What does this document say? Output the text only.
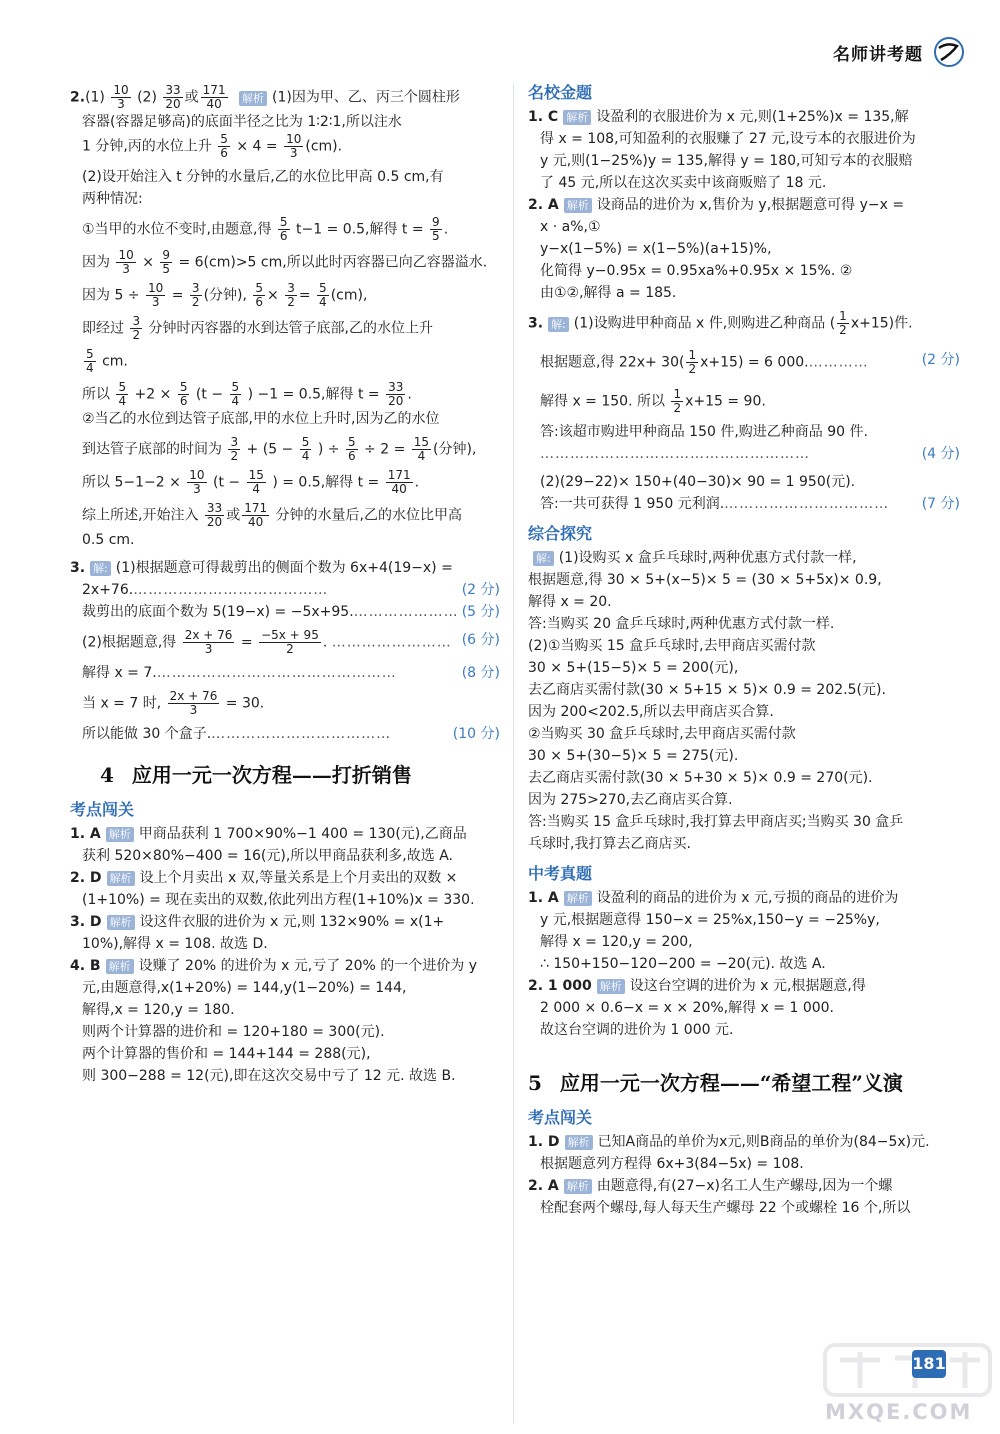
名师讲考题
$2.(1) \frac{10}{3} (2) \frac{33}{20}$ 或 $\frac{171}{40}$ 解析 (1)因为甲、乙、丙三个圆柱形
容器(容器足够高)的底面半径之比为 1∶2∶1,所以注水
1 分钟,丙的水位上升 $\frac{5}{6} \times 4 = \frac{10}{3} (cm)$.
(2)设开始注入 t 分钟的水量后,乙的水位比甲高 0.5 cm,有
两种情况:
①当甲的水位不变时,由题意,得 $\frac{5}{6} t-1 = 0.5$,解得 $t = \frac{9}{5}$ .
因为 $\frac{10}{3} \times \frac{9}{5} = 6(cm)>5$ cm,所以此时丙容器已向乙容器溢水.
因为 $5 \div \frac{10}{3} = \frac{3}{2}$ (分钟), $\frac{5}{6} \times \frac{3}{2} = \frac{5}{4} (cm)$,
即经过 $\frac{3}{2}$ 分钟时丙容器的水到达管子底部,乙的水位上升
$\frac{5}{4}$ cm.
所以 $\frac{5}{4} +2 \times \frac{5}{6} (t - \frac{5}{4}$ ) −1 = 0.5,解得 $t = \frac{33}{20}$ .
②当乙的水位到达管子底部,甲的水位上升时,因为乙的水位
到达管子底部的时间为 $\frac{3}{2} + (5 - \frac{5}{4}$ ) ÷ $\frac{5}{6} \div 2 = \frac{15}{4}$ (分钟),
所以 $5-1-2 \times \frac{10}{3} (t - \frac{15}{4}$ ) = 0.5,解得 $t = \frac{171}{40}$ .
综上所述,开始注入 $\frac{33}{20}$ 或 $\frac{171}{40}$ 分钟的水量后,乙的水位比甲高
0.5 cm.
3. 解: (1)根据题意可得裁剪出的侧面个数为 6x+4(19−x) =
2x+76.…………………………………	(2 分)
裁剪出的底面个数为 5(19−x) = −5x+95.………………… (5 分)
(2)根据题意,得 $\frac{2x + 76}{3} = \frac{-5x + 95}{2}$ . …………………… (6 分)
解得 x = 7.…………………………………………	(8 分)
当 x = 7 时, $\frac{2x + 76}{3} = 30$.
所以能做 30 个盒子.………………………………	(10 分)
4 应用一元一次方程——打折销售
考点闯关
1. A 解析 甲商品获利 1 700×90%−1 400 = 130(元),乙商品
获利 520×80%−400 = 16(元),所以甲商品获利多,故选 A.
2. D 解析 设上个月卖出 x 双,等量关系是上个月卖出的双数 ×
(1+10%) = 现在卖出的双数,依此列出方程(1+10%)x = 330.
3. D 解析 设这件衣服的进价为 x 元,则 132×90% = x(1+
10%),解得 x = 108. 故选 D.
4. B 解析 设赚了 20% 的进价为 x 元,亏了 20% 的一个进价为 y
元,由题意得,x(1+20%) = 144,y(1−20%) = 144,
解得,x = 120,y = 180.
则两个计算器的进价和 = 120+180 = 300(元).
两个计算器的售价和 = 144+144 = 288(元),
则 300−288 = 12(元),即在这次交易中亏了 12 元. 故选 B.
名校金题
1. C 解析 设盈利的衣服进价为 x 元,则(1+25%)x = 135,解
得 x = 108,可知盈利的衣服赚了 27 元,设亏本的衣服进价为
y 元,则(1−25%)y = 135,解得 y = 180,可知亏本的衣服赔
了 45 元,所以在这次买卖中该商贩赔了 18 元.
2. A 解析 设商品的进价为 x,售价为 y,根据题意可得 y−x =
x · a%,①
y−x(1−5%) = x(1−5%)(a+15)%,
化简得 y−0.95x = 0.95xa%+0.95x × 15%. ②
由①②,解得 a = 185.
3. 解: (1)设购进甲种商品 x 件,则购进乙种商品 ( $\frac{1}{2} x+15$)件.
根据题意,得 $22x+ 30( \frac{1}{2} x+15) = 6$ 000.…………	(2 分)
解得 x = 150. 所以 $\frac{1}{2} x+15 = 90$.
答:该超市购进甲种商品 150 件,购进乙种商品 90 件.
………………………………………………	(4 分)
(2)(29−22)× 150+(40−30)× 90 = 1 950(元).
答:一共可获得 1 950 元利润.…………………………… (7 分)
综合探究
解: (1)设购买 x 盒乒乓球时,两种优惠方式付款一样,
根据题意,得 30 × 5+(x−5)× 5 = (30 × 5+5x)× 0.9,
解得 x = 20.
答:当购买 20 盒乒乓球时,两种优惠方式付款一样.
(2)①当购买 15 盒乒乓球时,去甲商店买需付款
30 × 5+(15−5)× 5 = 200(元),
去乙商店买需付款(30 × 5+15 × 5)× 0.9 = 202.5(元).
因为 200<202.5,所以去甲商店买合算.
②当购买 30 盒乒乓球时,去甲商店买需付款
30 × 5+(30−5)× 5 = 275(元).
去乙商店买需付款(30 × 5+30 × 5)× 0.9 = 270(元).
因为 275>270,去乙商店买合算.
答:当购买 15 盒乒乓球时,我打算去甲商店买;当购买 30 盒乒
乓球时,我打算去乙商店买.
中考真题
1. A 解析 设盈利的商品的进价为 x 元,亏损的商品的进价为
y 元,根据题意得 150−x = 25%x,150−y = −25%y,
解得 x = 120,y = 200,
∴ 150+150−120−200 = −20(元). 故选 A.
2. 1 000 解析 设这台空调的进价为 x 元,根据题意,得
2 000 × 0.6−x = x × 20%,解得 x = 1 000.
故这台空调的进价为 1 000 元.
5 应用一元一次方程——“希望工程”义演
考点闯关
1. D 解析 已知A商品的单价为x元,则B商品的单价为(84−5x)元.
根据题意列方程得 6x+3(84−5x) = 108.
2. A 解析 由题意得,有(27−x)名工人生产螺母,因为一个螺
栓配套两个螺母,每人每天生产螺母 22 个或螺栓 16 个,所以
MXQE.COM
181
